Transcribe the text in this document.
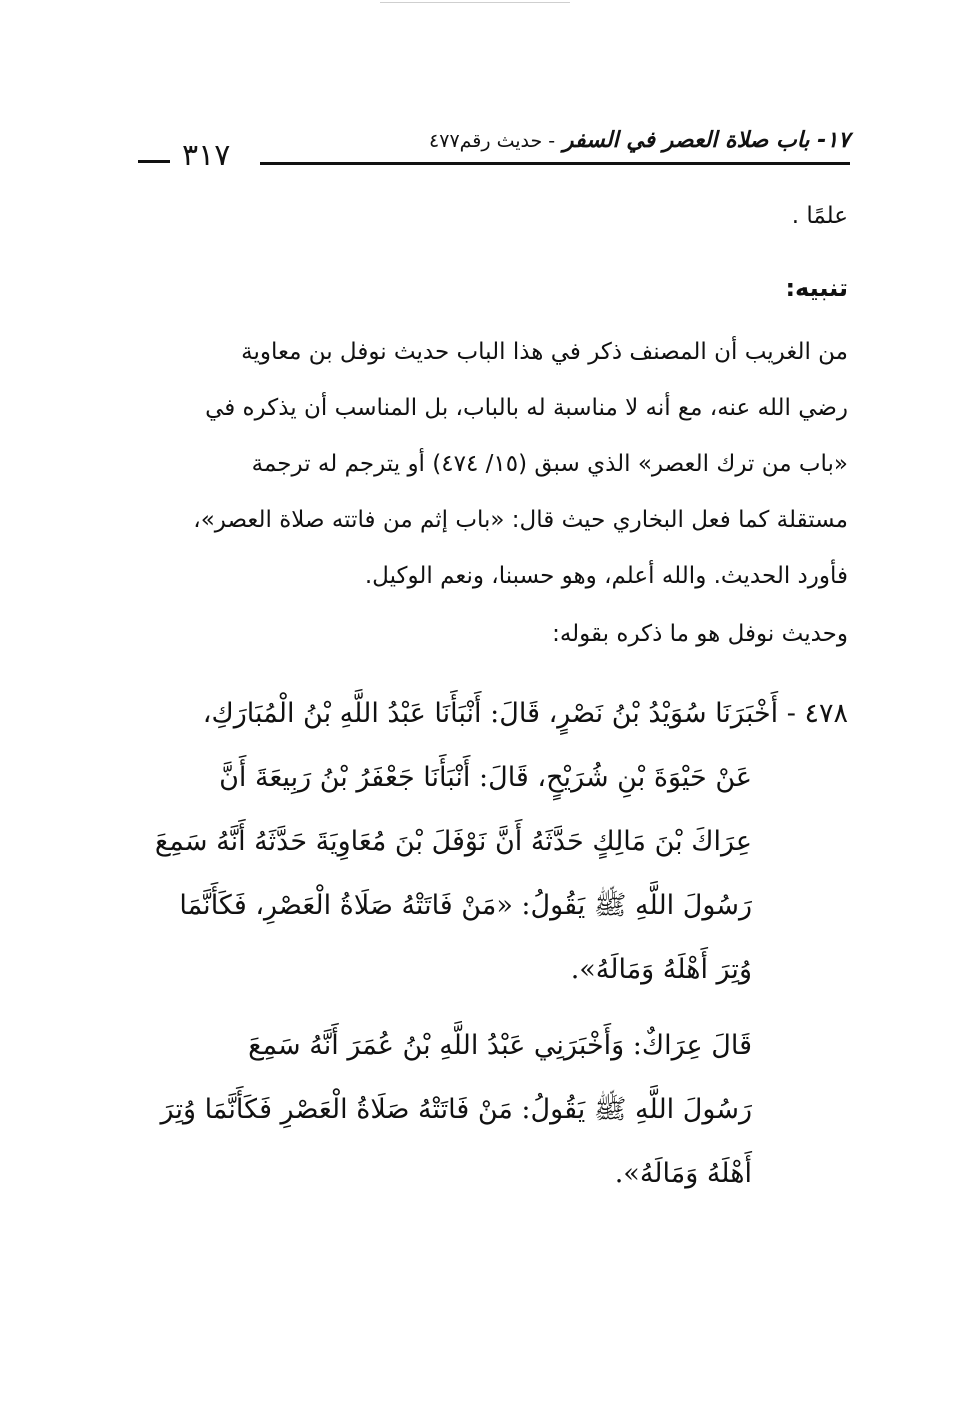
١٧- باب صلاة العصر في السفر - حديث رقم٤٧٧
٣١٧

علمًا .

تنبيه:

من الغريب أن المصنف ذكر في هذا الباب حديث نوفل بن معاوية
رضي الله عنه، مع أنه لا مناسبة له بالباب، بل المناسب أن يذكره في
«باب من ترك العصر» الذي سبق (١٥/ ٤٧٤) أو يترجم له ترجمة
مستقلة كما فعل البخاري حيث قال: «باب إثم من فاتته صلاة العصر»،
فأورد الحديث. والله أعلم، وهو حسبنا، ونعم الوكيل.

وحديث نوفل هو ما ذكره بقوله:

٤٧٨ - أَخْبَرَنَا سُوَيْدُ بْنُ نَصْرٍ، قَالَ: أَنْبَأَنَا عَبْدُ اللَّهِ بْنُ الْمُبَارَكِ،
عَنْ حَيْوَةَ بْنِ شُرَيْحٍ، قَالَ: أَنْبَأَنَا جَعْفَرُ بْنُ رَبِيعَةَ أَنَّ
عِرَاكَ بْنَ مَالِكٍ حَدَّثَهُ أَنَّ نَوْفَلَ بْنَ مُعَاوِيَةَ حَدَّثَهُ أَنَّهُ سَمِعَ
رَسُولَ اللَّهِ ﷺ يَقُولُ: «مَنْ فَاتَتْهُ صَلَاةُ الْعَصْرِ، فَكَأَنَّمَا
وُتِرَ أَهْلَهُ وَمَالَهُ».
قَالَ عِرَاكٌ: وَأَخْبَرَنِي عَبْدُ اللَّهِ بْنُ عُمَرَ أَنَّهُ سَمِعَ
رَسُولَ اللَّهِ ﷺ يَقُولُ: مَنْ فَاتَتْهُ صَلَاةُ الْعَصْرِ فَكَأَنَّمَا وُتِرَ
أَهْلَهُ وَمَالَهُ».
